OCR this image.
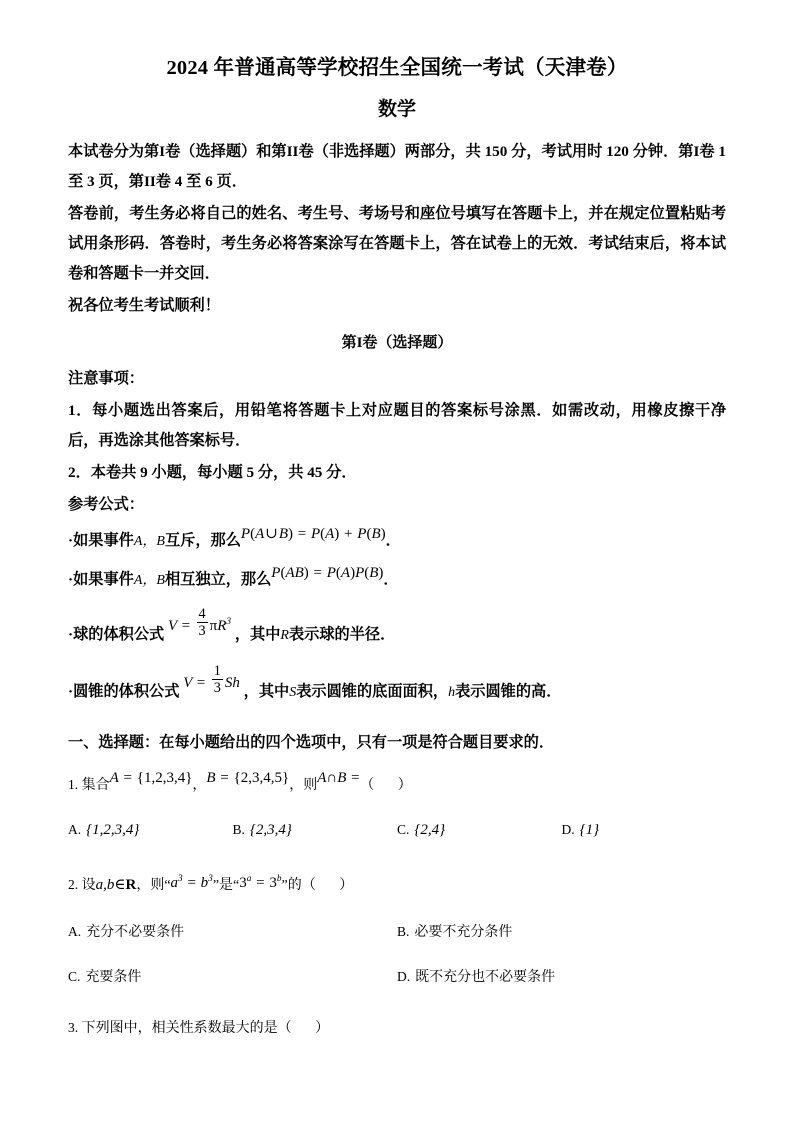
2024 年普通高等学校招生全国统一考试（天津卷）
数学

本试卷分为第I卷（选择题）和第II卷（非选择题）两部分，共 150 分，考试用时 120 分钟．第I卷 1 至 3 页，第II卷 4 至 6 页．

答卷前，考生务必将自己的姓名、考生号、考场号和座位号填写在答题卡上，并在规定位置粘贴考试用条形码．答卷时，考生务必将答案涂写在答题卡上，答在试卷上的无效．考试结束后，将本试卷和答题卡一并交回．

祝各位考生考试顺利！

第I卷（选择题）
注意事项：

1．每小题选出答案后，用铅笔将答题卡上对应题目的答案标号涂黑．如需改动，用橡皮擦干净后，再选涂其他答案标号．

2．本卷共 9 小题，每小题 5 分，共 45 分．

参考公式：
·如果事件A，B互斥，那么P(A∪B) = P(A) + P(B)．
·如果事件A，B相互独立，那么P(AB) = P(A)P(B)．
·球的体积公式 $V = \frac{4}{3} \pi R^3$ ，其中R表示球的半径．
·圆锥的体积公式 $V = \frac{1}{3}$ Sh ，其中S表示圆锥的底面面积，h表示圆锥的高．

一、选择题：在每小题给出的四个选项中，只有一项是符合题目要求的．

1. 集合A = {1,2,3,4}，B = {2,3,4,5}，则A∩B =（ ）
A. {1,2,3,4}	B. {2,3,4}	C. {2,4}	D. {1}
2. 设a,b∈R，则“$a^3 = b^3$”是“$3^a = 3^b$”的（ ）
A. 充分不必要条件	B. 必要不充分条件
C. 充要条件	D. 既不充分也不必要条件
3. 下列图中，相关性系数最大的是（ ）
